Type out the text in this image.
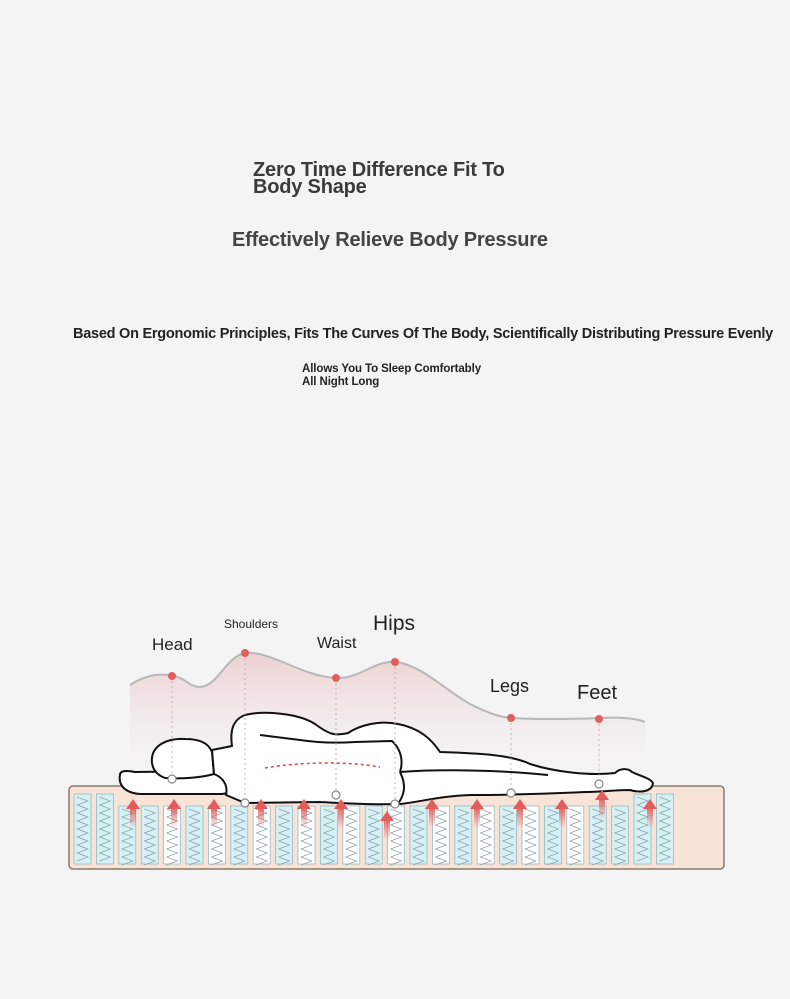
Zero Time Difference Fit To
Body Shape
Effectively Relieve Body Pressure

Based On Ergonomic Principles, Fits The Curves Of The Body, Scientifically Distributing Pressure Evenly

Allows You To Sleep Comfortably
All Night Long

Head
Shoulders
Waist
Hips
Legs Feet
